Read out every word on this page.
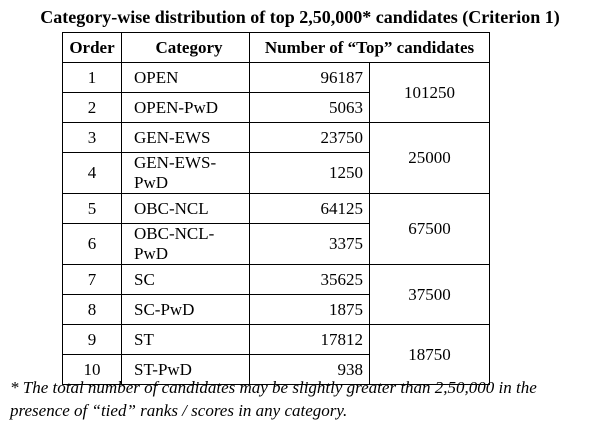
Category-wise distribution of top 2,50,000* candidates (Criterion 1)
Order	Category	Number of “Top” candidates	
1	OPEN	96187	101250
2	OPEN-PwD	5063	
3	GEN-EWS	23750	25000
4	GEN-EWS-PwD	1250	
5	OBC-NCL	64125	67500
6	OBC-NCL-PwD	3375	
7	SC	35625	37500
8	SC-PwD	1875	
9	ST	17812	18750
10	ST-PwD	938	
* The total number of candidates may be slightly greater than 2,50,000 in the presence of “tied” ranks / scores in any category.
